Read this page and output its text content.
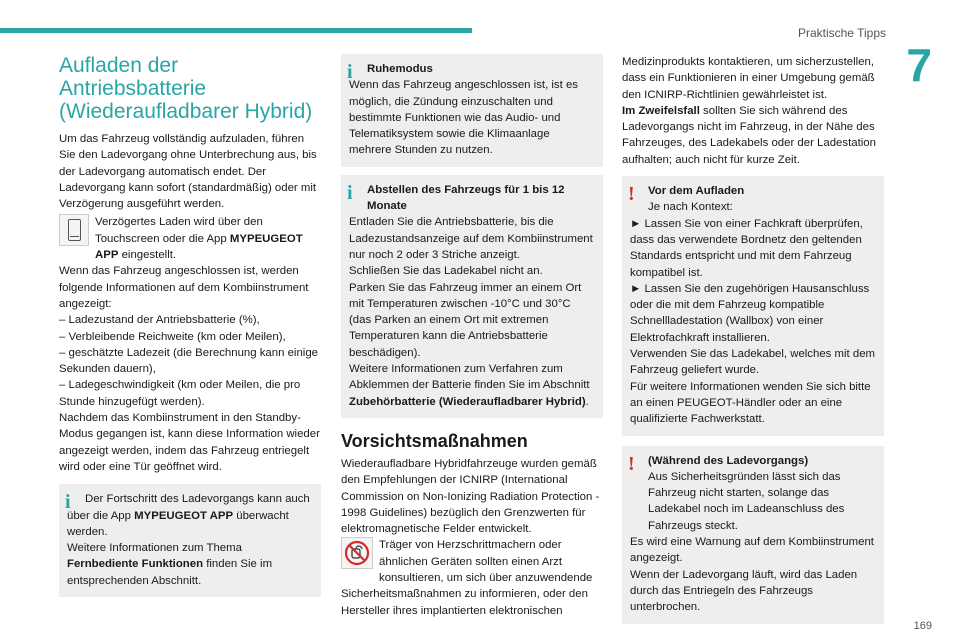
Praktische Tipps
7
169
Aufladen der Antriebsbatterie (Wiederaufladbarer Hybrid)

Um das Fahrzeug vollständig aufzuladen, führen Sie den Ladevorgang ohne Unterbrechung aus, bis der Ladevorgang automatisch endet. Der Ladevorgang kann sofort (standardmäßig) oder mit Verzögerung ausgeführt werden.

Verzögertes Laden wird über den Touchscreen oder die App MYPEUGEOT APP eingestellt.

Wenn das Fahrzeug angeschlossen ist, werden folgende Informationen auf dem Kombiinstrument angezeigt:

– Ladezustand der Antriebsbatterie (%),

– Verbleibende Reichweite (km oder Meilen),

– geschätzte Ladezeit (die Berechnung kann einige Sekunden dauern),

– Ladegeschwindigkeit (km oder Meilen, die pro Stunde hinzugefügt werden).

Nachdem das Kombiinstrument in den Standby-Modus gegangen ist, kann diese Information wieder angezeigt werden, indem das Fahrzeug entriegelt wird oder eine Tür geöffnet wird.

i Der Fortschritt des Ladevorgangs kann auch über die App MYPEUGEOT APP überwacht werden.
Weitere Informationen zum Thema Fernbediente Funktionen finden Sie im entsprechenden Abschnitt.
i	Ruhemodus

Wenn das Fahrzeug angeschlossen ist, ist es möglich, die Zündung einzuschalten und bestimmte Funktionen wie das Audio- und Telematiksystem sowie die Klimaanlage mehrere Stunden zu nutzen.

i	Abstellen des Fahrzeugs für 1 bis 12 Monate

Entladen Sie die Antriebsbatterie, bis die Ladezustandsanzeige auf dem Kombiinstrument nur noch 2 oder 3 Striche anzeigt.

Schließen Sie das Ladekabel nicht an.

Parken Sie das Fahrzeug immer an einem Ort mit Temperaturen zwischen -10°C und 30°C (das Parken an einem Ort mit extremen Temperaturen kann die Antriebsbatterie beschädigen).

Weitere Informationen zum Verfahren zum Abklemmen der Batterie finden Sie im Abschnitt Zubehörbatterie (Wiederaufladbarer Hybrid).

Vorsichtsmaßnahmen

Wiederaufladbare Hybridfahrzeuge wurden gemäß den Empfehlungen der ICNIRP (International Commission on Non-Ionizing Radiation Protection - 1998 Guidelines) bezüglich den Grenzwerten für elektromagnetische Felder entwickelt.

Träger von Herzschrittmachern oder ähnlichen Geräten sollten einen Arzt konsultieren, um sich über anzuwendende Sicherheitsmaßnahmen zu informieren, oder den Hersteller ihres implantierten elektronischen

Medizinprodukts kontaktieren, um sicherzustellen, dass ein Funktionieren in einer Umgebung gemäß den ICNIRP-Richtlinien gewährleistet ist.

Im Zweifelsfall sollten Sie sich während des Ladevorgangs nicht im Fahrzeug, in der Nähe des Fahrzeuges, des Ladekabels oder der Ladestation aufhalten; auch nicht für kurze Zeit.

!	Vor dem Aufladen

Je nach Kontext:

► Lassen Sie von einer Fachkraft überprüfen, dass das verwendete Bordnetz den geltenden Standards entspricht und mit dem Fahrzeug kompatibel ist.

► Lassen Sie den zugehörigen Hausanschluss oder die mit dem Fahrzeug kompatible Schnellladestation (Wallbox) von einer Elektrofachkraft installieren.

Verwenden Sie das Ladekabel, welches mit dem Fahrzeug geliefert wurde.

Für weitere Informationen wenden Sie sich bitte an einen PEUGEOT-Händler oder an eine qualifizierte Fachwerkstatt.

!	(Während des Ladevorgangs)

Aus Sicherheitsgründen lässt sich das Fahrzeug nicht starten, solange das Ladekabel noch im Ladeanschluss des Fahrzeugs steckt.

Es wird eine Warnung auf dem Kombiinstrument angezeigt.

Wenn der Ladevorgang läuft, wird das Laden durch das Entriegeln des Fahrzeugs unterbrochen.
